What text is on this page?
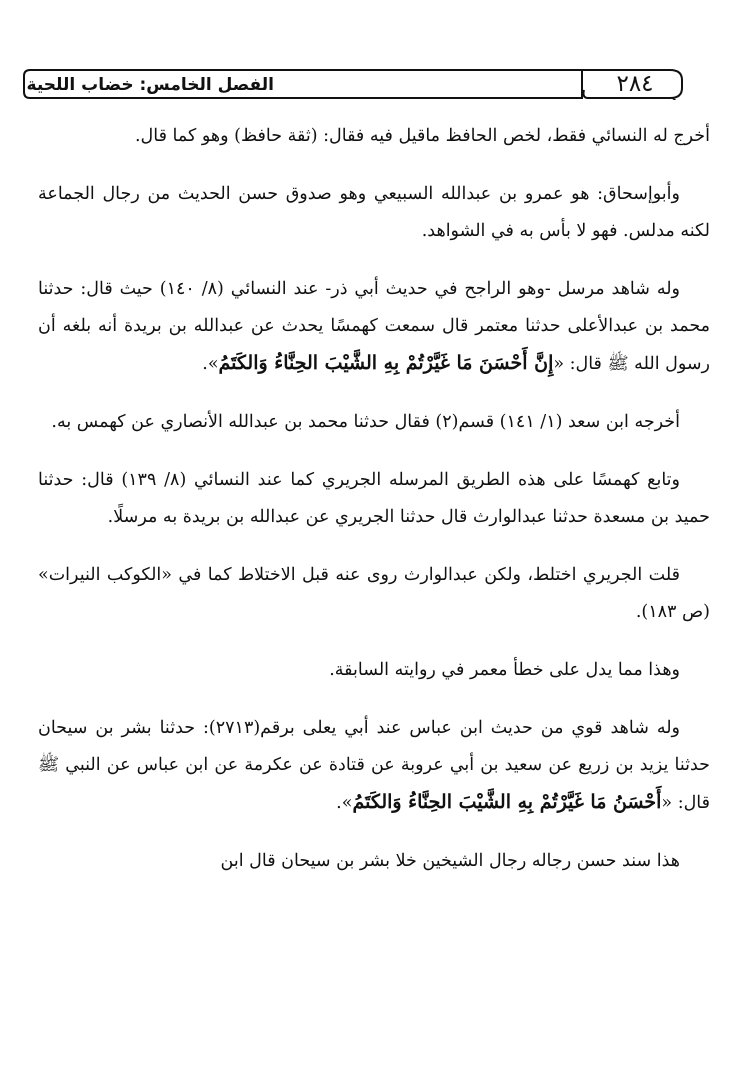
الفصل الخامس: خضاب اللحية	٢٨٤

أخرج له النسائي فقط، لخص الحافظ ماقيل فيه فقال: (ثقة حافظ) وهو كما قال.

وأبوإسحاق: هو عمرو بن عبدالله السبيعي وهو صدوق حسن الحديث من رجال الجماعة لكنه مدلس. فهو لا بأس به في الشواهد.

وله شاهد مرسل -وهو الراجح في حديث أبي ذر- عند النسائي (٨/ ١٤٠) حيث قال: حدثنا محمد بن عبدالأعلى حدثنا معتمر قال سمعت كهمسًا يحدث عن عبدالله بن بريدة أنه بلغه أن رسول الله ﷺ قال: «إِنَّ أَحْسَنَ مَا غَيَّرْتُمْ بِهِ الشَّيْبَ الحِنَّاءُ وَالكَتَمُ».

أخرجه ابن سعد (١/ ١٤١) قسم(٢) فقال حدثنا محمد بن عبدالله الأنصاري عن كهمس به.

وتابع كهمسًا على هذه الطريق المرسله الجريري كما عند النسائي (٨/ ١٣٩) قال: حدثنا حميد بن مسعدة حدثنا عبدالوارث قال حدثنا الجريري عن عبدالله بن بريدة به مرسلًا.

قلت الجريري اختلط، ولكن عبدالوارث روى عنه قبل الاختلاط كما في «الكوكب النيرات» (ص ١٨٣).

وهذا مما يدل على خطأ معمر في روايته السابقة.

وله شاهد قوي من حديث ابن عباس عند أبي يعلى برقم(٢٧١٣): حدثنا بشر بن سيحان حدثنا يزيد بن زريع عن سعيد بن أبي عروبة عن قتادة عن عكرمة عن ابن عباس عن النبي ﷺ قال: «أَحْسَنُ مَا غَيَّرْتُمْ بِهِ الشَّيْبَ الحِنَّاءُ وَالكَتَمُ».

هذا سند حسن رجاله رجال الشيخين خلا بشر بن سيحان قال ابن
